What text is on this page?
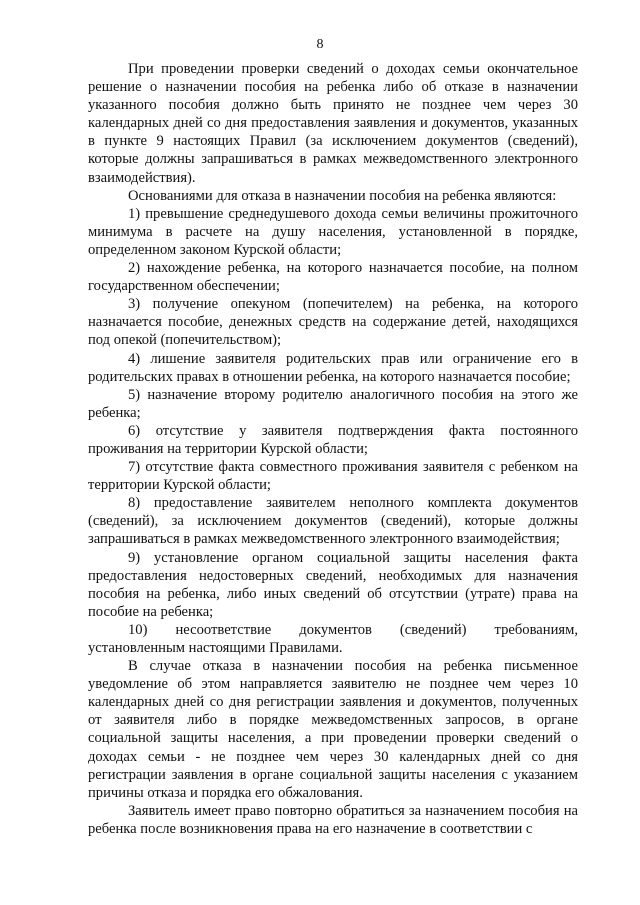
8

При проведении проверки сведений о доходах семьи окончательное решение о назначении пособия на ребенка либо об отказе в назначении указанного пособия должно быть принято не позднее чем через 30 календарных дней со дня предоставления заявления и документов, указанных в пункте 9 настоящих Правил (за исключением документов (сведений), которые должны запрашиваться в рамках межведомственного электронного взаимодействия).

Основаниями для отказа в назначении пособия на ребенка являются:

1) превышение среднедушевого дохода семьи величины прожиточного минимума в расчете на душу населения, установленной в порядке, определенном законом Курской области;

2) нахождение ребенка, на которого назначается пособие, на полном государственном обеспечении;

3) получение опекуном (попечителем) на ребенка, на которого назначается пособие, денежных средств на содержание детей, находящихся под опекой (попечительством);

4) лишение заявителя родительских прав или ограничение его в родительских правах в отношении ребенка, на которого назначается пособие;

5) назначение второму родителю аналогичного пособия на этого же ребенка;

6) отсутствие у заявителя подтверждения факта постоянного проживания на территории Курской области;

7) отсутствие факта совместного проживания заявителя с ребенком на территории Курской области;

8) предоставление заявителем неполного комплекта документов (сведений), за исключением документов (сведений), которые должны запрашиваться в рамках межведомственного электронного взаимодействия;

9) установление органом социальной защиты населения факта предоставления недостоверных сведений, необходимых для назначения пособия на ребенка, либо иных сведений об отсутствии (утрате) права на пособие на ребенка;

10) несоответствие документов (сведений) требованиям, установленным настоящими Правилами.

В случае отказа в назначении пособия на ребенка письменное уведомление об этом направляется заявителю не позднее чем через 10 календарных дней со дня регистрации заявления и документов, полученных от заявителя либо в порядке межведомственных запросов, в органе социальной защиты населения, а при проведении проверки сведений о доходах семьи - не позднее чем через 30 календарных дней со дня регистрации заявления в органе социальной защиты населения с указанием причины отказа и порядка его обжалования.

Заявитель имеет право повторно обратиться за назначением пособия на ребенка после возникновения права на его назначение в соответствии с
